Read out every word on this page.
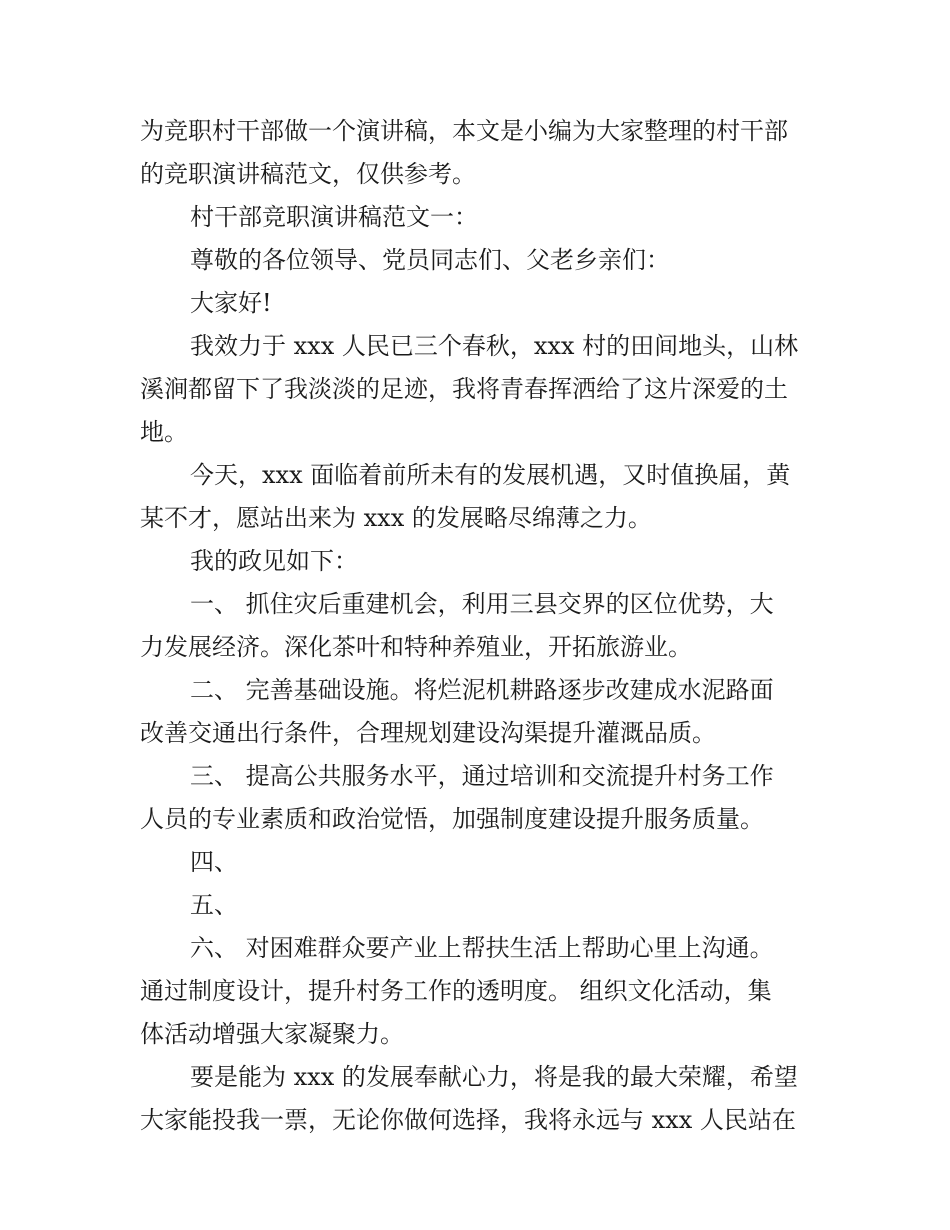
为竞职村干部做一个演讲稿，本文是小编为大家整理的村干部

的竞职演讲稿范文，仅供参考。

村干部竞职演讲稿范文一：

尊敬的各位领导、党员同志们、父老乡亲们：

大家好!

我效力于 xxx 人民已三个春秋，xxx 村的田间地头，山林

溪涧都留下了我淡淡的足迹，我将青春挥洒给了这片深爱的土

地。

今天，xxx 面临着前所未有的发展机遇，又时值换届，黄

某不才，愿站出来为 xxx 的发展略尽绵薄之力。

我的政见如下：

一、 抓住灾后重建机会，利用三县交界的区位优势，大

力发展经济。深化茶叶和特种养殖业，开拓旅游业。

二、 完善基础设施。将烂泥机耕路逐步改建成水泥路面

改善交通出行条件，合理规划建设沟渠提升灌溉品质。

三、 提高公共服务水平，通过培训和交流提升村务工作

人员的专业素质和政治觉悟，加强制度建设提升服务质量。

四、

五、

六、 对困难群众要产业上帮扶生活上帮助心里上沟通。

通过制度设计，提升村务工作的透明度。 组织文化活动，集

体活动增强大家凝聚力。

要是能为 xxx 的发展奉献心力，将是我的最大荣耀，希望

大家能投我一票，无论你做何选择，我将永远与 xxx 人民站在
